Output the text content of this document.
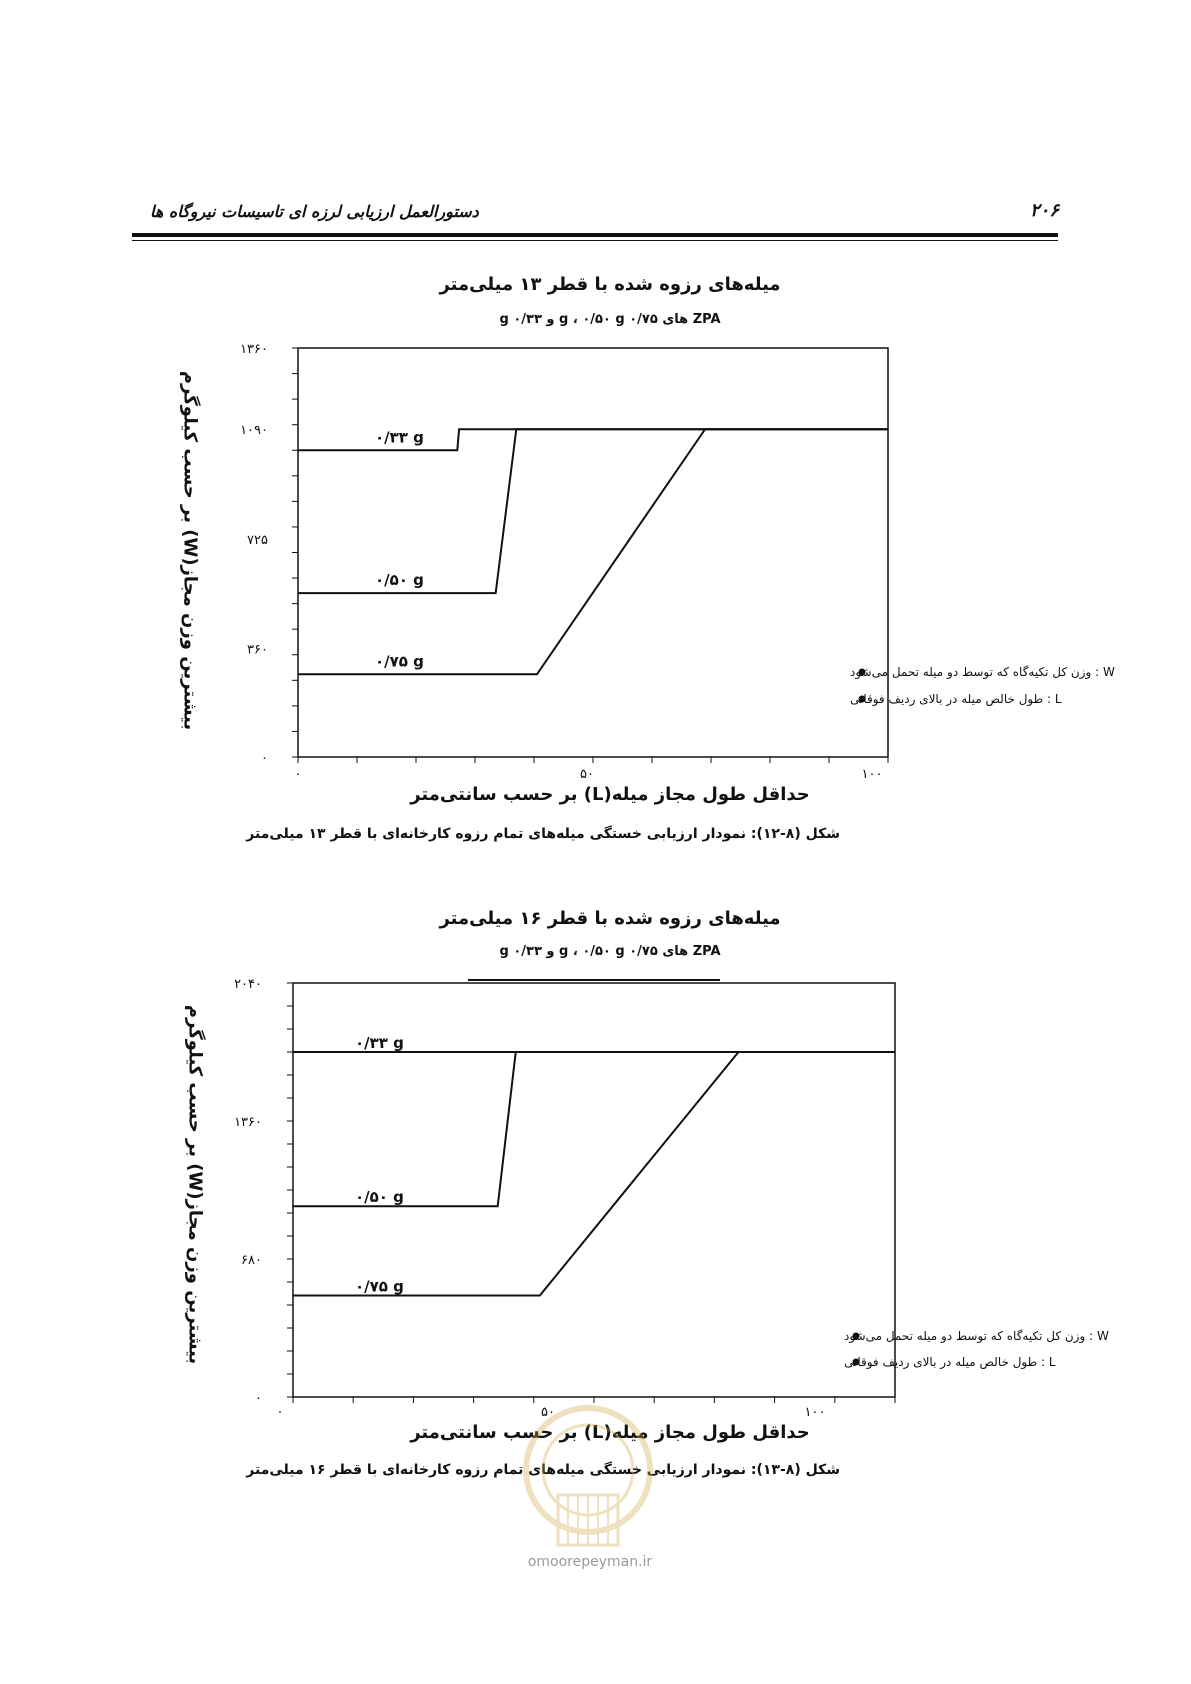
دستورالعمل ارزیابی لرزه ای تاسیسات نیروگاه ها	۲۰۶
میله‌های رزوه شده با قطر ۱۳ میلی‌متر
ZPA های ۰/۷۵ g ، ۰/۵۰ g و ۰/۳۳ g
بیشترین وزن مجاز(W) بر حسب کیلوگرم
۰
۳۶۰
۷۲۵
۱۰۹۰
۱۳۶۰
۰	۵۰	۱۰۰
۰/۳۳ g
۰/۵۰ g
۰/۷۵ g
W : وزن کل تکیه‌گاه که توسط دو میله تحمل می‌شود
L : طول خالص میله در بالای ردیف فوقانی
۰
۶۸۰
۱۳۶۰
۲۰۴۰
۰	۵۰	۱۰۰
۰/۳۳ g
۰/۵۰ g
۰/۷۵ g
W : وزن کل تکیه‌گاه که توسط دو میله تحمل می‌شود
L : طول خالص میله در بالای ردیف فوقانی
حداقل طول مجاز میله(L) بر حسب سانتی‌متر
شکل (۸-۱۲): نمودار ارزیابی خستگی میله‌های تمام رزوه کارخانه‌ای با قطر ۱۳ میلی‌متر
میله‌های رزوه شده با قطر ۱۶ میلی‌متر
ZPA های ۰/۷۵ g ، ۰/۵۰ g و ۰/۳۳ g
بیشترین وزن مجاز(W) بر حسب کیلوگرم
حداقل طول مجاز میله(L) بر حسب سانتی‌متر
شکل (۸-۱۳): نمودار ارزیابی خستگی میله‌های تمام رزوه کارخانه‌ای با قطر ۱۶ میلی‌متر
omoorepeyman.ir
